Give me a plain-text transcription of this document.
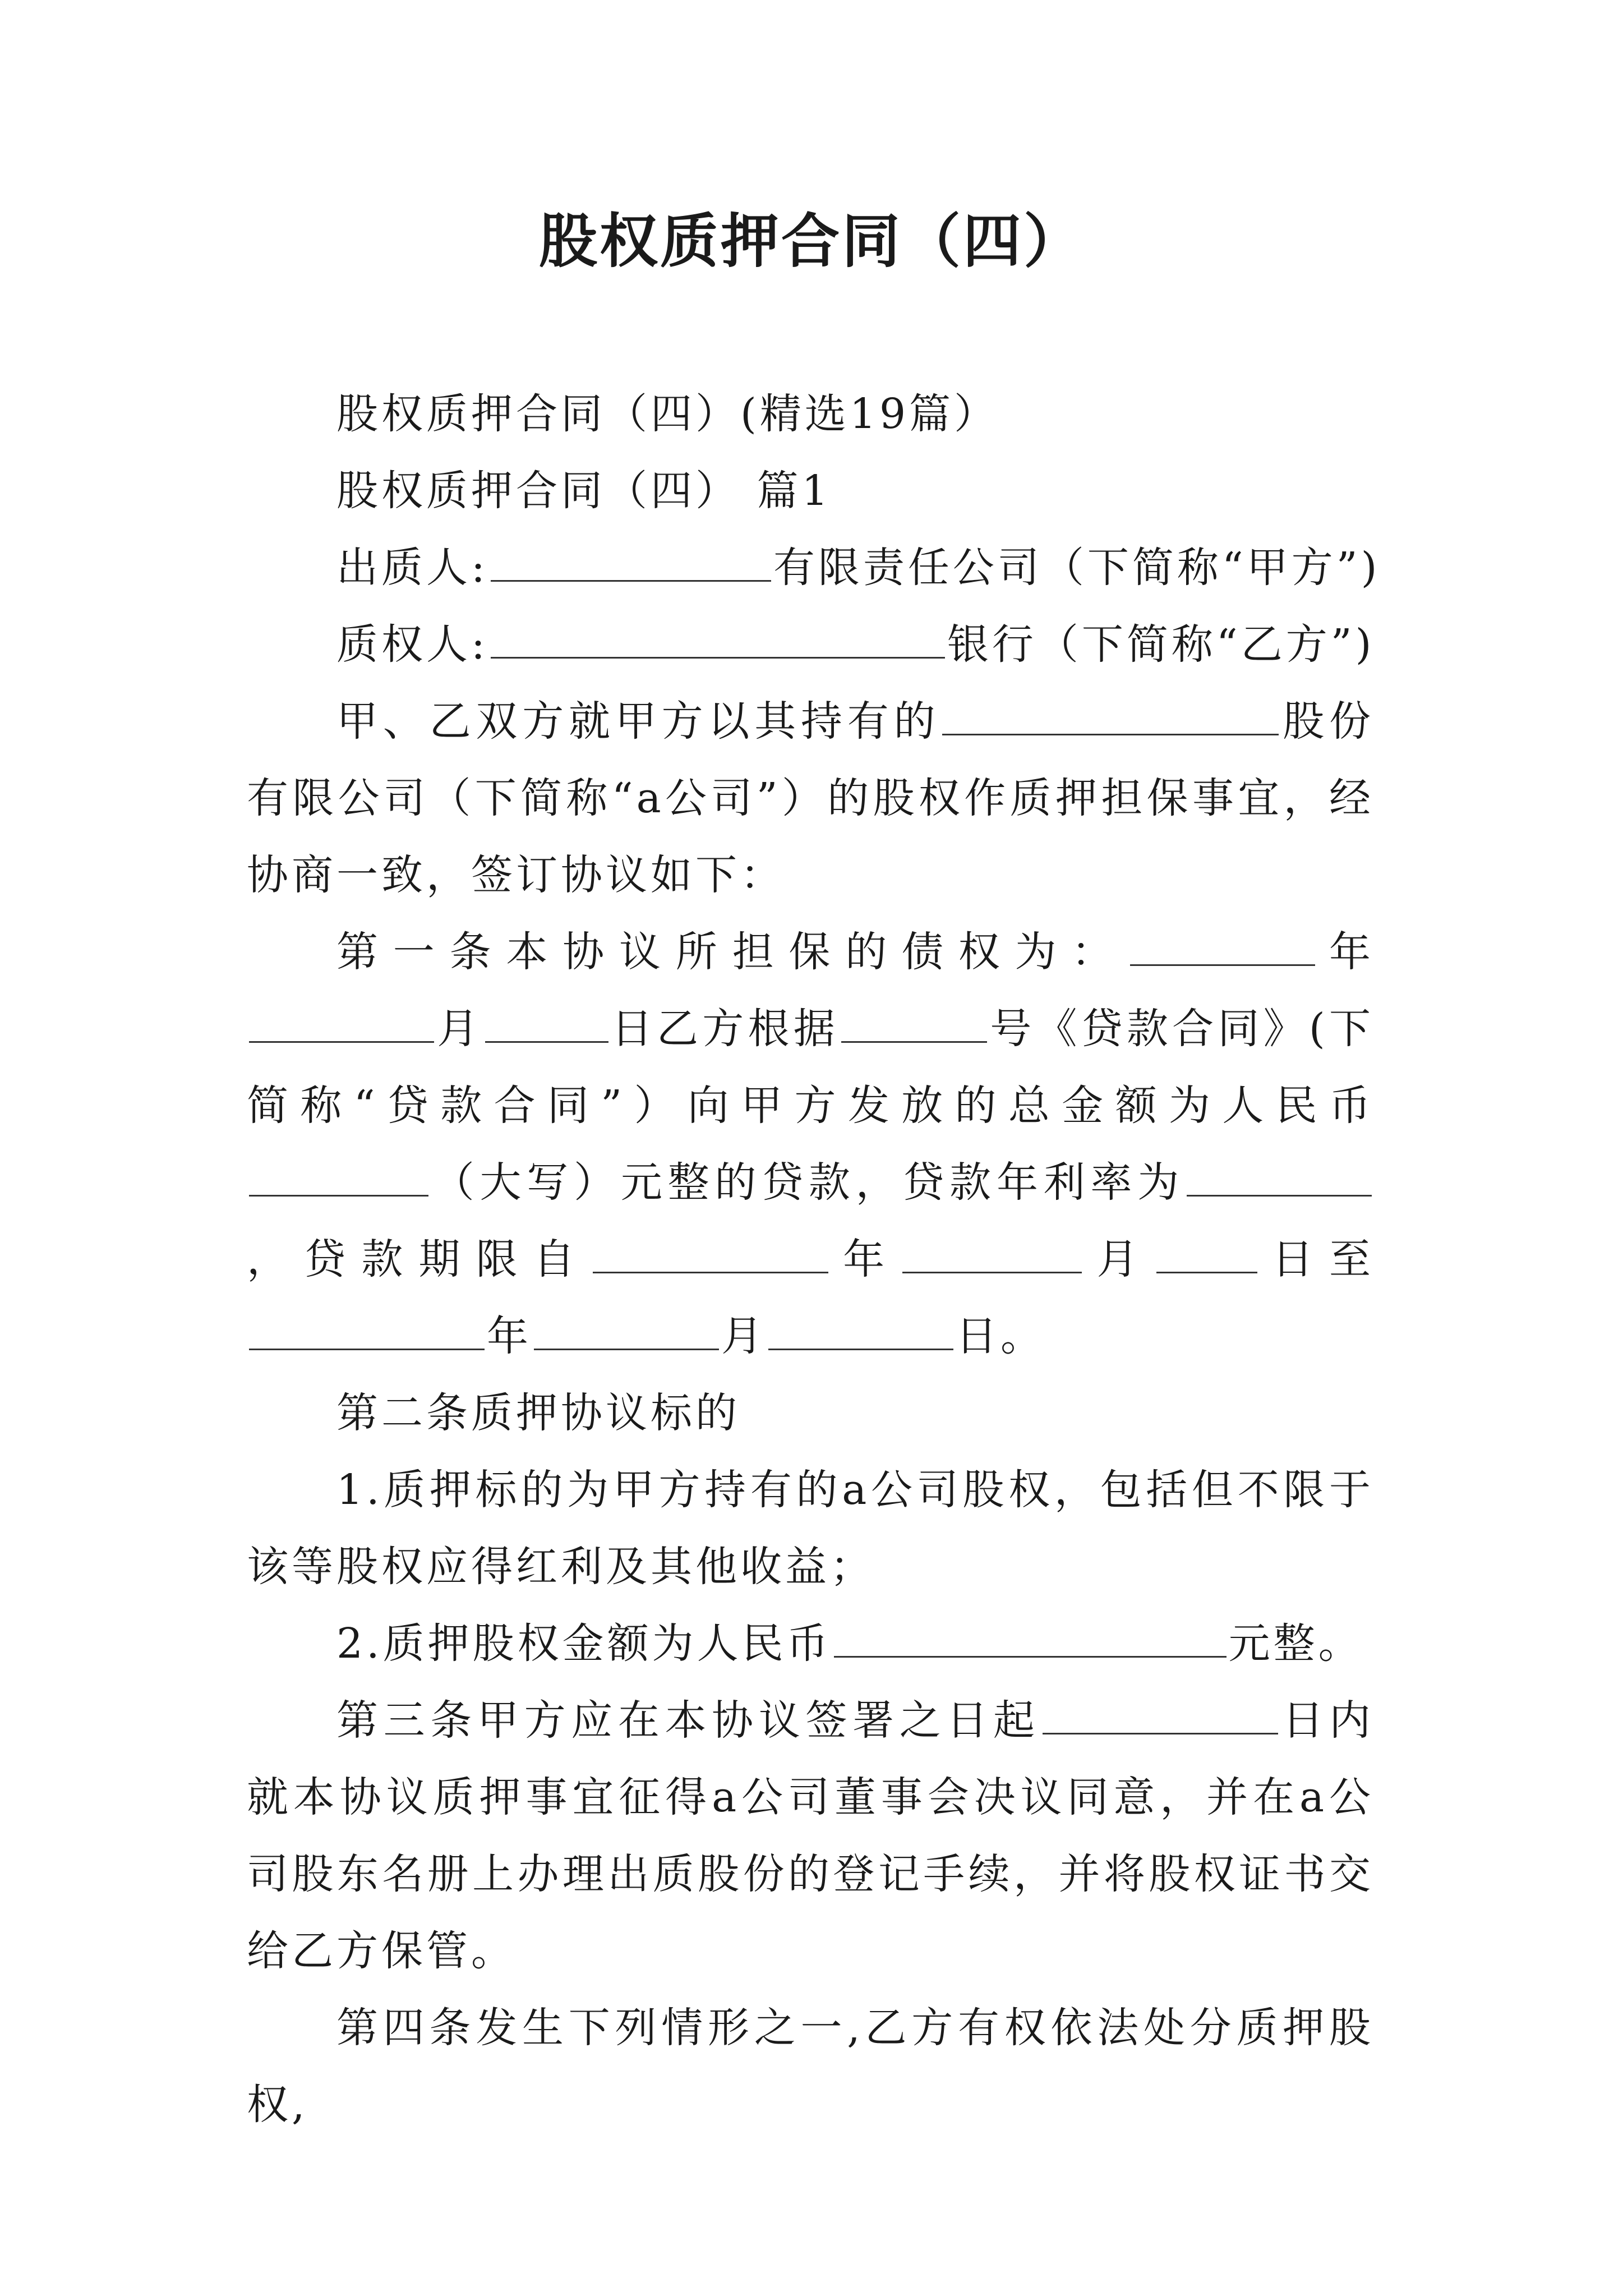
股权质押合同（四）

股权质押合同（四）(精选19篇）

股权质押合同（四） 篇1

出质人:	有限责任公司（下简称“甲方”)

质权人:	银行（下简称“乙方”)

甲、乙双方就甲方以其持有的	股份有限公司（下简称“a公司”）的股权作质押担保事宜，经协商一致，签订协议如下：

第一条本协议所担保的债权为：	年月	日乙方根据	号《贷款合同》(下简称“贷款合同”）向甲方发放的总金额为人民币（大写）元整的贷款，贷款年利率为，贷款期限自	年	月	日至年	月	日。

第二条质押协议标的

1.质押标的为甲方持有的a公司股权，包括但不限于该等股权应得红利及其他收益；

2.质押股权金额为人民币	元整。

第三条甲方应在本协议签署之日起	日内就本协议质押事宜征得a公司董事会决议同意，并在a公司股东名册上办理出质股份的登记手续，并将股权证书交给乙方保管。

第四条发生下列情形之一,乙方有权依法处分质押股权,
